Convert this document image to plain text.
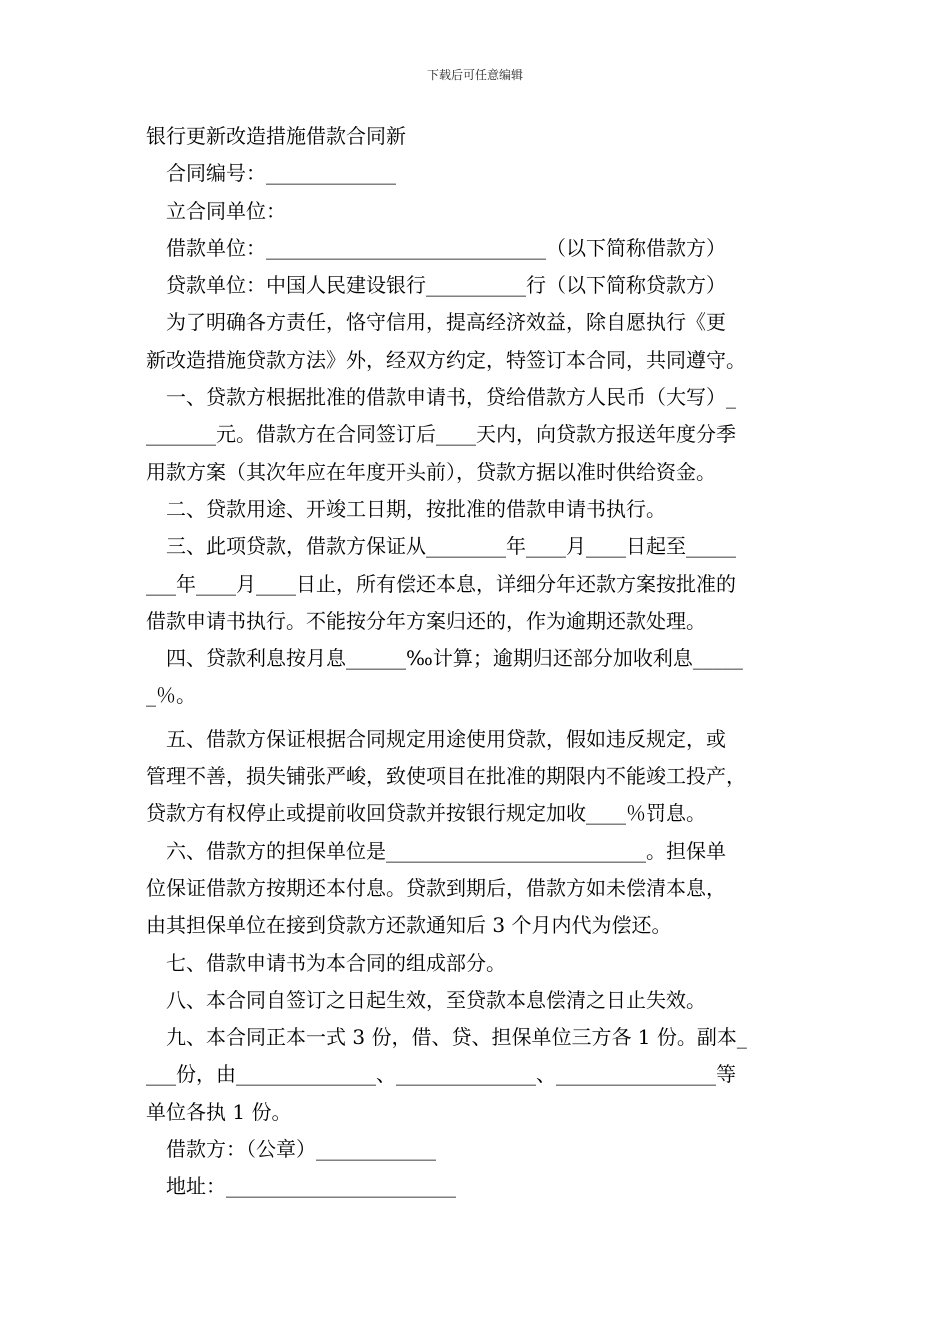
下载后可任意编辑
银行更新改造措施借款合同新
合同编号：_____________
立合同单位：
借款单位：____________________________（以下简称借款方）
贷款单位：中国人民建设银行__________行（以下简称贷款方）
为了明确各方责任，恪守信用，提高经济效益，除自愿执行《更
新改造措施贷款方法》外，经双方约定，特签订本合同，共同遵守。
一、贷款方根据批准的借款申请书，贷给借款方人民币（大写）_
_______元。借款方在合同签订后____天内，向贷款方报送年度分季
用款方案（其次年应在年度开头前），贷款方据以准时供给资金。
二、贷款用途、开竣工日期，按批准的借款申请书执行。
三、此项贷款，借款方保证从________年____月____日起至_____
___年____月____日止，所有偿还本息，详细分年还款方案按批准的
借款申请书执行。不能按分年方案归还的，作为逾期还款处理。
四、贷款利息按月息______‰计算；逾期归还部分加收利息_____
_％。
五、借款方保证根据合同规定用途使用贷款，假如违反规定，或
管理不善，损失铺张严峻，致使项目在批准的期限内不能竣工投产，
贷款方有权停止或提前收回贷款并按银行规定加收____％罚息。
六、借款方的担保单位是__________________________。担保单
位保证借款方按期还本付息。贷款到期后，借款方如未偿清本息，
由其担保单位在接到贷款方还款通知后 3 个月内代为偿还。
七、借款申请书为本合同的组成部分。
八、本合同自签订之日起生效，至贷款本息偿清之日止失效。
九、本合同正本一式 3 份，借、贷、担保单位三方各 1 份。副本_
___份，由______________、______________、________________等
单位各执 1 份。
借款方：（公章）____________
地址：_______________________
